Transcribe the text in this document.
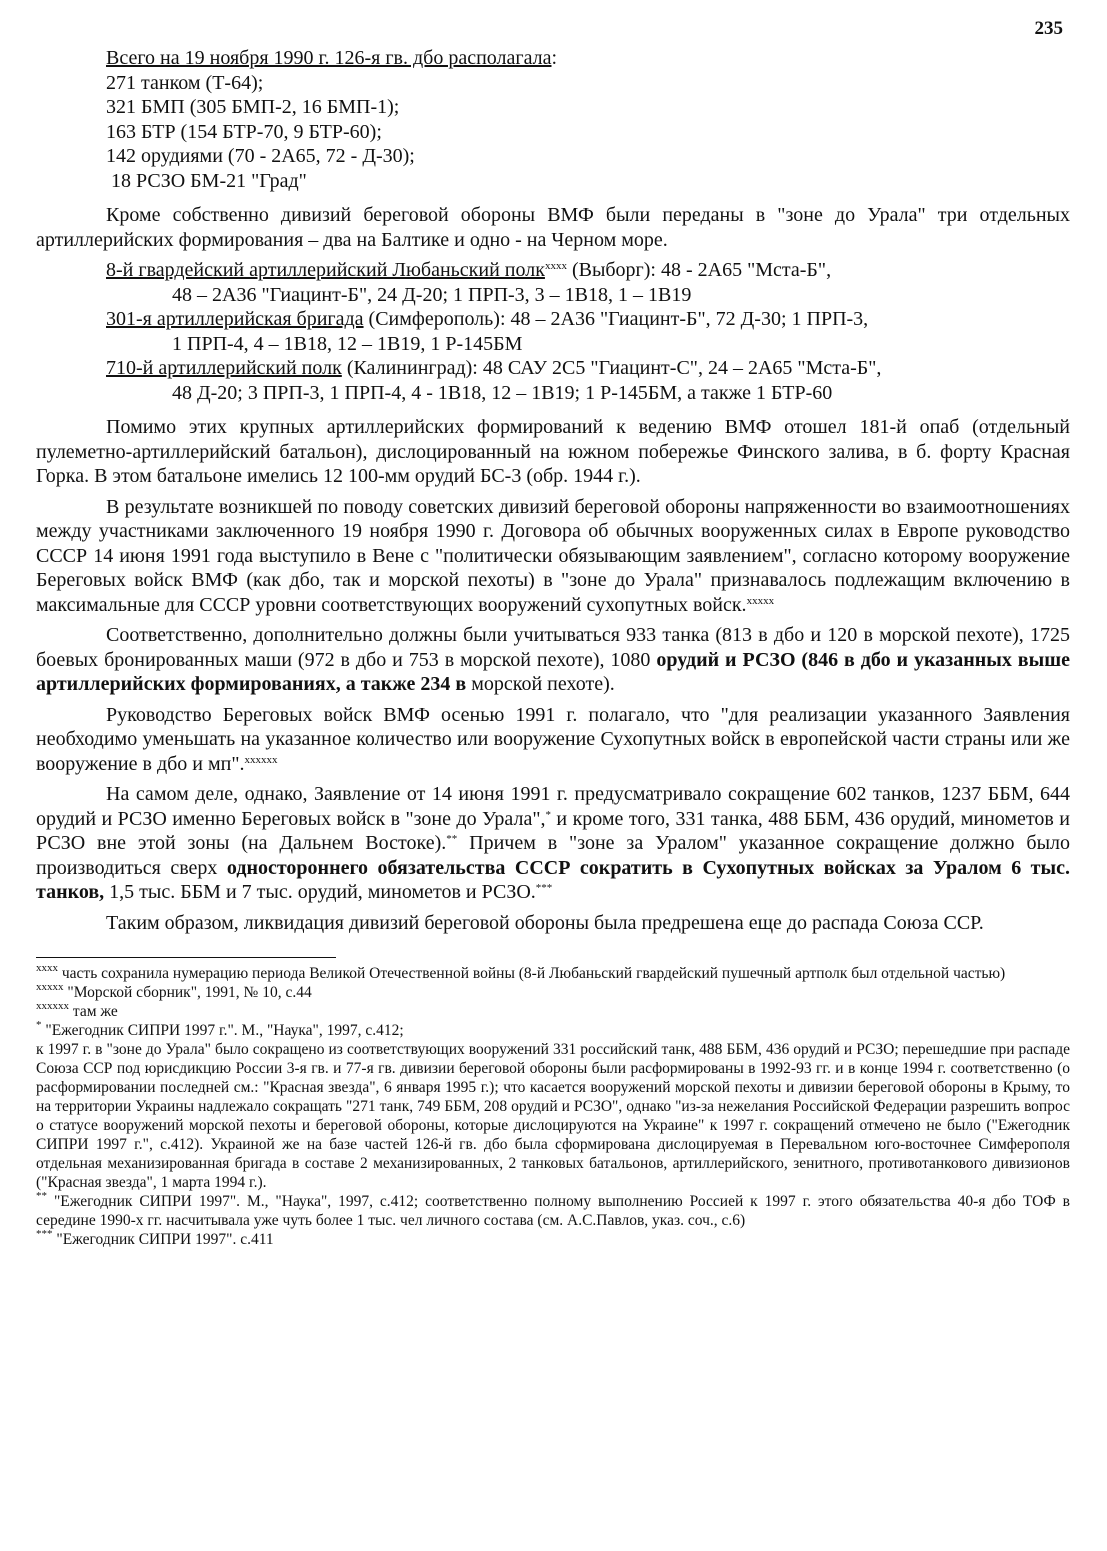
235
Всего на 19 ноября 1990 г. 126-я гв. дбо располагала:
271 танком (Т-64);
321 БМП (305 БМП-2, 16 БМП-1);
163 БТР (154 БТР-70, 9 БТР-60);
142 орудиями (70 - 2А65, 72 - Д-30);
18 РСЗО БМ-21 "Град"

Кроме собственно дивизий береговой обороны ВМФ были переданы в "зоне до Урала" три отдельных артиллерийских формирования – два на Балтике и одно - на Черном море.

8-й гвардейский артиллерийский Любаньский полк$^{хххх}$ (Выборг): 48 - 2А65 "Мста-Б",
48 – 2А36 "Гиацинт-Б", 24 Д-20; 1 ПРП-3, 3 – 1В18, 1 – 1В19
301-я артиллерийская бригада (Симферополь): 48 – 2А36 "Гиацинт-Б", 72 Д-30; 1 ПРП-3,
1 ПРП-4, 4 – 1В18, 12 – 1В19, 1 Р-145БМ
710-й артиллерийский полк (Калининград): 48 САУ 2С5 "Гиацинт-С", 24 – 2А65 "Мста-Б",
48 Д-20; 3 ПРП-3, 1 ПРП-4, 4 - 1В18, 12 – 1В19; 1 Р-145БМ, а также 1 БТР-60

Помимо этих крупных артиллерийских формирований к ведению ВМФ отошел 181-й опаб (отдельный пулеметно-артиллерийский батальон), дислоцированный на южном побережье Финского залива, в б. форту Красная Горка. В этом батальоне имелись 12 100-мм орудий БС-3 (обр. 1944 г.).

В результате возникшей по поводу советских дивизий береговой обороны напряженности во взаимоотношениях между участниками заключенного 19 ноября 1990 г. Договора об обычных вооруженных силах в Европе руководство СССР 14 июня 1991 года выступило в Вене с "политически обязывающим заявлением", согласно которому вооружение Береговых войск ВМФ (как дбо, так и морской пехоты) в "зоне до Урала" признавалось подлежащим включению в максимальные для СССР уровни соответствующих вооружений сухопутных войск.$^{ххххх}$

Соответственно, дополнительно должны были учитываться 933 танка (813 в дбо и 120 в морской пехоте), 1725 боевых бронированных маши (972 в дбо и 753 в морской пехоте), 1080 орудий и РСЗО (846 в дбо и указанных выше артиллерийских формированиях, а также 234 в морской пехоте).

Руководство Береговых войск ВМФ осенью 1991 г. полагало, что "для реализации указанного Заявления необходимо уменьшать на указанное количество или вооружение Сухопутных войск в европейской части страны или же вооружение в дбо и мп".$^{хххххх}$

На самом деле, однако, Заявление от 14 июня 1991 г. предусматривало сокращение 602 танков, 1237 ББМ, 644 орудий и РСЗО именно Береговых войск в "зоне до Урала",* и кроме того, 331 танка, 488 ББМ, 436 орудий, минометов и РСЗО вне этой зоны (на Дальнем Востоке).** Причем в "зоне за Уралом" указанное сокращение должно было производиться сверх одностороннего обязательства СССР сократить в Сухопутных войсках за Уралом 6 тыс. танков, 1,5 тыс. ББМ и 7 тыс. орудий, минометов и РСЗО.***

Таким образом, ликвидация дивизий береговой обороны была предрешена еще до распада Союза ССР.

$^{хххх}$ часть сохранила нумерацию периода Великой Отечественной войны (8-й Любаньский гвардейский пушечный артполк был отдельной частью)

$^{ххххх}$ "Морской сборник", 1991, № 10, с.44

$^{хххххх}$ там же

* "Ежегодник СИПРИ 1997 г.". М., "Наука", 1997, с.412;

к 1997 г. в "зоне до Урала" было сокращено из соответствующих вооружений 331 российский танк, 488 ББМ, 436 орудий и РСЗО; перешедшие при распаде Союза ССР под юрисдикцию России 3-я гв. и 77-я гв. дивизии береговой обороны были расформированы в 1992-93 гг. и в конце 1994 г. соответственно (о расформировании последней см.: "Красная звезда", 6 января 1995 г.); что касается вооружений морской пехоты и дивизии береговой обороны в Крыму, то на территории Украины надлежало сокращать "271 танк, 749 ББМ, 208 орудий и РСЗО", однако "из-за нежелания Российской Федерации разрешить вопрос о статусе вооружений морской пехоты и береговой обороны, которые дислоцируются на Украине" к 1997 г. сокращений отмечено не было ("Ежегодник СИПРИ 1997 г.", с.412). Украиной же на базе частей 126-й гв. дбо была сформирована дислоцируемая в Перевальном юго-восточнее Симферополя отдельная механизированная бригада в составе 2 механизированных, 2 танковых батальонов, артиллерийского, зенитного, противотанкового дивизионов ("Красная звезда", 1 марта 1994 г.).

** "Ежегодник СИПРИ 1997". М., "Наука", 1997, с.412; соответственно полному выполнению Россией к 1997 г. этого обязательства 40-я дбо ТОФ в середине 1990-х гг. насчитывала уже чуть более 1 тыс. чел личного состава (см. А.С.Павлов, указ. соч., с.6)

*** "Ежегодник СИПРИ 1997". с.411
